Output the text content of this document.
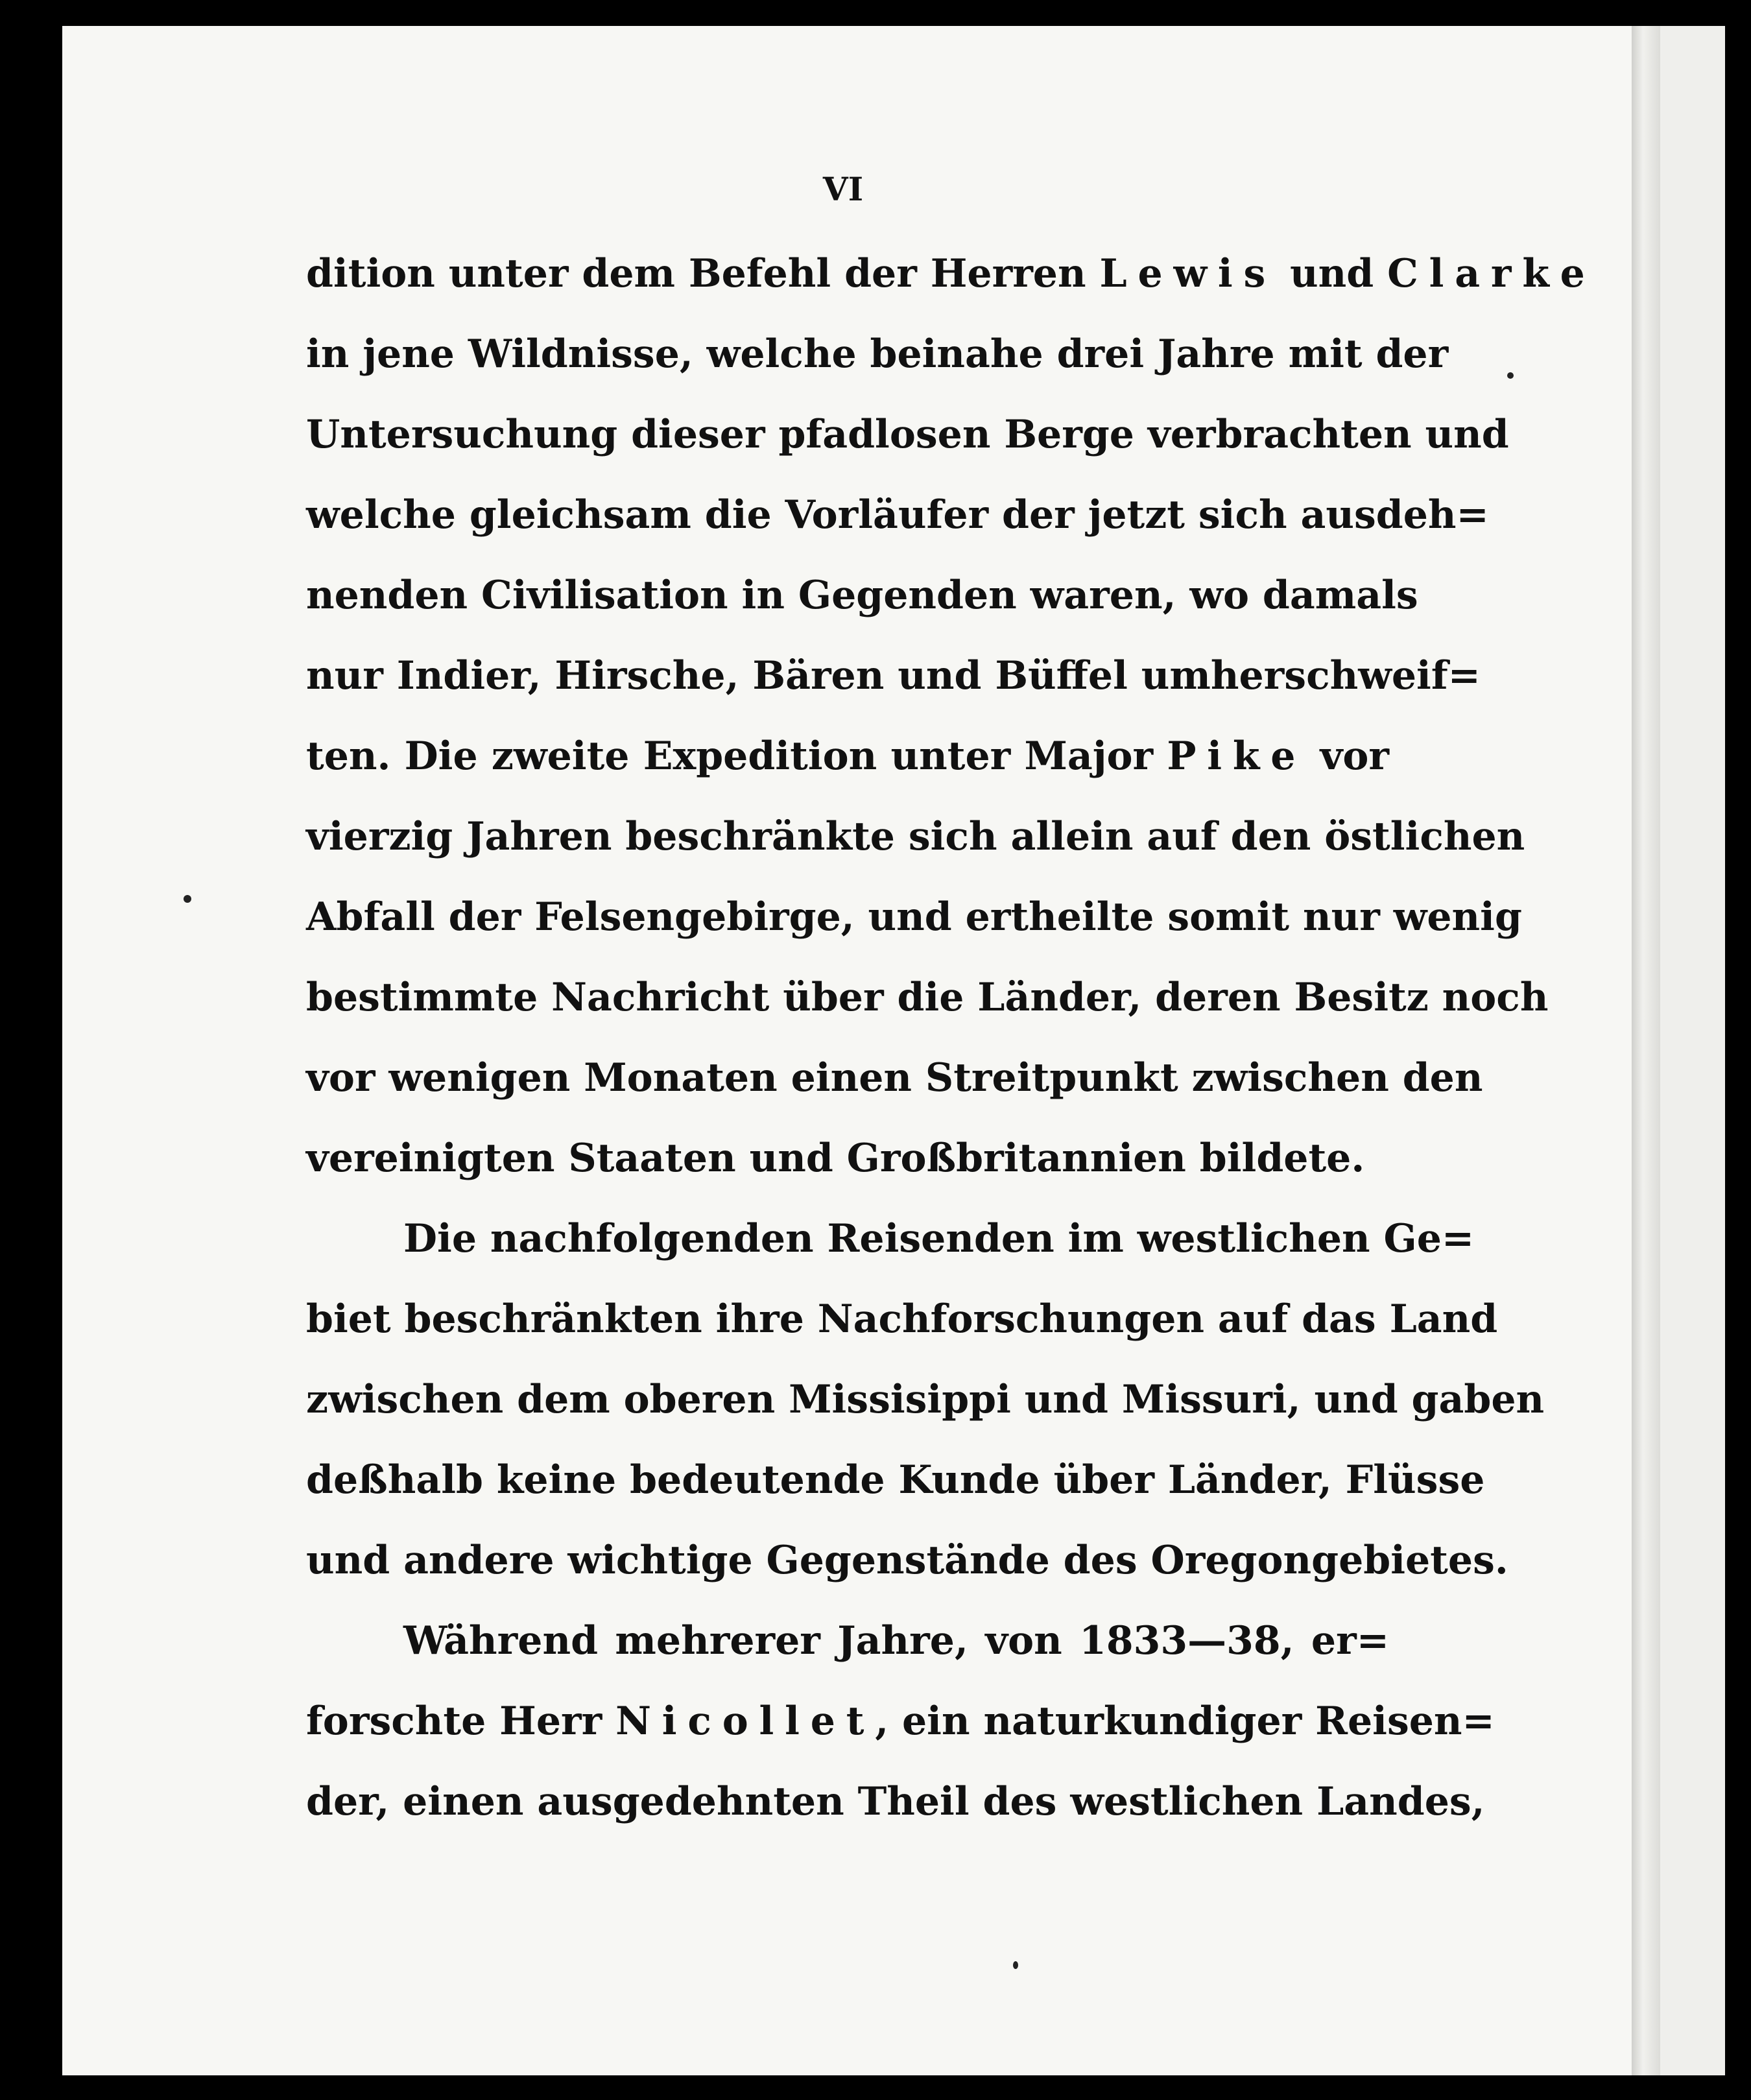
VI
dition unter dem Befehl der Herren Lewis und Clarke
in jene Wildnisse, welche beinahe drei Jahre mit der
Untersuchung dieser pfadlosen Berge verbrachten und
welche gleichsam die Vorläufer der jetzt sich ausdeh=
nenden Civilisation in Gegenden waren, wo damals
nur Indier, Hirsche, Bären und Büffel umherschweif=
ten. Die zweite Expedition unter Major Pike vor
vierzig Jahren beschränkte sich allein auf den östlichen
Abfall der Felsengebirge, und ertheilte somit nur wenig
bestimmte Nachricht über die Länder, deren Besitz noch
vor wenigen Monaten einen Streitpunkt zwischen den
vereinigten Staaten und Großbritannien bildete.
Die nachfolgenden Reisenden im westlichen Ge=
biet beschränkten ihre Nachforschungen auf das Land
zwischen dem oberen Missisippi und Missuri, und gaben
deßhalb keine bedeutende Kunde über Länder, Flüsse
und andere wichtige Gegenstände des Oregongebietes.
Während mehrerer Jahre, von 1833—38, er=
forschte Herr Nicollet, ein naturkundiger Reisen=
der, einen ausgedehnten Theil des westlichen Landes,
